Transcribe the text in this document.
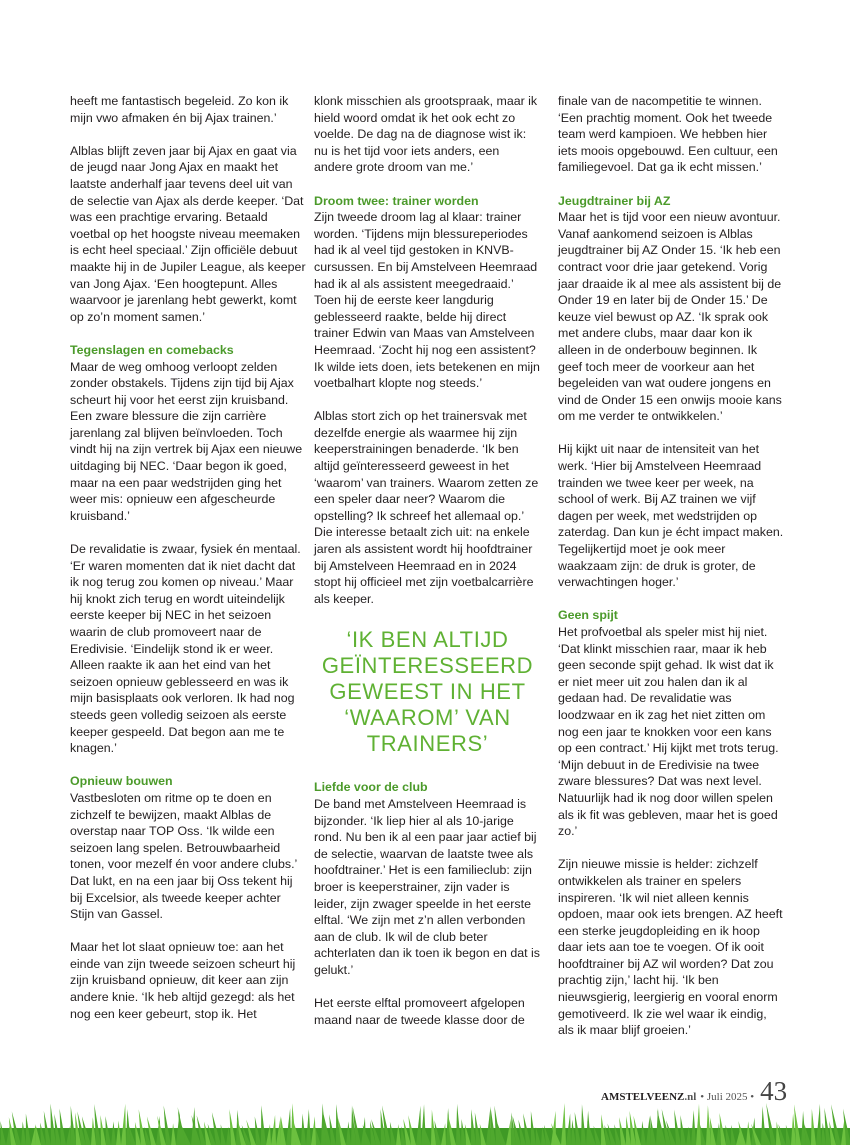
heeft me fantastisch begeleid. Zo kon ik mijn vwo afmaken én bij Ajax trainen.’

Alblas blijft zeven jaar bij Ajax en gaat via de jeugd naar Jong Ajax en maakt het laatste anderhalf jaar tevens deel uit van de selectie van Ajax als derde keeper. ‘Dat was een prachtige ervaring. Betaald voetbal op het hoogste niveau meemaken is echt heel speciaal.’ Zijn officiële debuut maakte hij in de Jupiler League, als keeper van Jong Ajax. ‘Een hoogtepunt. Alles waarvoor je jarenlang hebt gewerkt, komt op zo’n moment samen.’

Tegenslagen en comebacks

Maar de weg omhoog verloopt zelden zonder obstakels. Tijdens zijn tijd bij Ajax scheurt hij voor het eerst zijn kruisband. Een zware blessure die zijn carrière jarenlang zal blijven beïnvloeden. Toch vindt hij na zijn vertrek bij Ajax een nieuwe uitdaging bij NEC. ‘Daar begon ik goed, maar na een paar wedstrijden ging het weer mis: opnieuw een afgescheurde kruisband.’

De revalidatie is zwaar, fysiek én mentaal. ‘Er waren momenten dat ik niet dacht dat ik nog terug zou komen op niveau.’ Maar hij knokt zich terug en wordt uiteindelijk eerste keeper bij NEC in het seizoen waarin de club promoveert naar de Eredivisie. ‘Eindelijk stond ik er weer. Alleen raakte ik aan het eind van het seizoen opnieuw geblesseerd en was ik mijn basisplaats ook verloren. Ik had nog steeds geen volledig seizoen als eerste keeper gespeeld. Dat begon aan me te knagen.’

Opnieuw bouwen

Vastbesloten om ritme op te doen en zichzelf te bewijzen, maakt Alblas de overstap naar TOP Oss. ‘Ik wilde een seizoen lang spelen. Betrouwbaarheid tonen, voor mezelf én voor andere clubs.’ Dat lukt, en na een jaar bij Oss tekent hij bij Excelsior, als tweede keeper achter Stijn van Gassel.

Maar het lot slaat opnieuw toe: aan het einde van zijn tweede seizoen scheurt hij zijn kruisband opnieuw, dit keer aan zijn andere knie. ‘Ik heb altijd gezegd: als het nog een keer gebeurt, stop ik. Het

klonk misschien als grootspraak, maar ik hield woord omdat ik het ook echt zo voelde. De dag na de diagnose wist ik: nu is het tijd voor iets anders, een andere grote droom van me.’

Droom twee: trainer worden

Zijn tweede droom lag al klaar: trainer worden. ‘Tijdens mijn blessureperiodes had ik al veel tijd gestoken in KNVB-cursussen. En bij Amstelveen Heemraad had ik al als assistent meegedraaid.’ Toen hij de eerste keer langdurig geblesseerd raakte, belde hij direct trainer Edwin van Maas van Amstelveen Heemraad. ‘Zocht hij nog een assistent? Ik wilde iets doen, iets betekenen en mijn voetbalhart klopte nog steeds.’

Alblas stort zich op het trainersvak met dezelfde energie als waarmee hij zijn keeperstrainingen benaderde. ‘Ik ben altijd geïnteresseerd geweest in het ‘waarom’ van trainers. Waarom zetten ze een speler daar neer? Waarom die opstelling? Ik schreef het allemaal op.’ Die interesse betaalt zich uit: na enkele jaren als assistent wordt hij hoofdtrainer bij Amstelveen Heemraad en in 2024 stopt hij officieel met zijn voetbalcarrière als keeper.

‘IK BEN ALTIJD
GEÏNTERESSEERD
GEWEEST IN HET
‘WAAROM’ VAN
TRAINERS’
Liefde voor de club

De band met Amstelveen Heemraad is bijzonder. ‘Ik liep hier al als 10-jarige rond. Nu ben ik al een paar jaar actief bij de selectie, waarvan de laatste twee als hoofdtrainer.’ Het is een familieclub: zijn broer is keeperstrainer, zijn vader is leider, zijn zwager speelde in het eerste elftal. ‘We zijn met z’n allen verbonden aan de club. Ik wil de club beter achterlaten dan ik toen ik begon en dat is gelukt.’

Het eerste elftal promoveert afgelopen maand naar de tweede klasse door de

finale van de nacompetitie te winnen. ‘Een prachtig moment. Ook het tweede team werd kampioen. We hebben hier iets moois opgebouwd. Een cultuur, een familiegevoel. Dat ga ik echt missen.’

Jeugdtrainer bij AZ

Maar het is tijd voor een nieuw avontuur. Vanaf aankomend seizoen is Alblas jeugdtrainer bij AZ Onder 15. ‘Ik heb een contract voor drie jaar getekend. Vorig jaar draaide ik al mee als assistent bij de Onder 19 en later bij de Onder 15.’ De keuze viel bewust op AZ. ‘Ik sprak ook met andere clubs, maar daar kon ik alleen in de onderbouw beginnen. Ik geef toch meer de voorkeur aan het begeleiden van wat oudere jongens en vind de Onder 15 een onwijs mooie kans om me verder te ontwikkelen.’

Hij kijkt uit naar de intensiteit van het werk. ‘Hier bij Amstelveen Heemraad trainden we twee keer per week, na school of werk. Bij AZ trainen we vijf dagen per week, met wedstrijden op zaterdag. Dan kun je écht impact maken. Tegelijkertijd moet je ook meer waakzaam zijn: de druk is groter, de verwachtingen hoger.’

Geen spijt

Het profvoetbal als speler mist hij niet. ‘Dat klinkt misschien raar, maar ik heb geen seconde spijt gehad. Ik wist dat ik er niet meer uit zou halen dan ik al gedaan had. De revalidatie was loodzwaar en ik zag het niet zitten om nog een jaar te knokken voor een kans op een contract.’ Hij kijkt met trots terug. ‘Mijn debuut in de Eredivisie na twee zware blessures? Dat was next level. Natuurlijk had ik nog door willen spelen als ik fit was gebleven, maar het is goed zo.’

Zijn nieuwe missie is helder: zichzelf ontwikkelen als trainer en spelers inspireren. ‘Ik wil niet alleen kennis opdoen, maar ook iets brengen. AZ heeft een sterke jeugdopleiding en ik hoop daar iets aan toe te voegen. Of ik ooit hoofdtrainer bij AZ wil worden? Dat zou prachtig zijn,’ lacht hij. ‘Ik ben nieuwsgierig, leergierig en vooral enorm gemotiveerd. Ik zie wel waar ik eindig, als ik maar blijf groeien.’

AMSTELVEENZ.nl • Juli 2025 • 43
